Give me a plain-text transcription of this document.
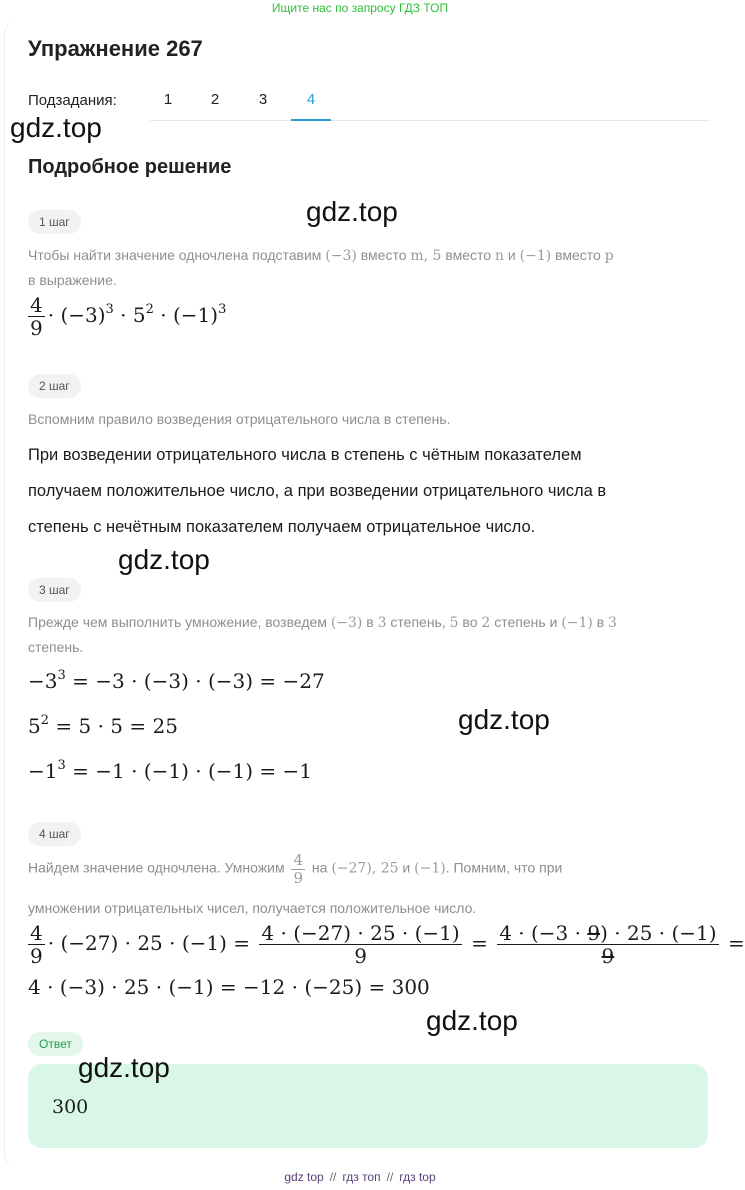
Ищите нас по запросу ГДЗ ТОП
Упражнение 267
Подзадания:	1	2	3	4
Подробное решение
1 шаг
Чтобы найти значение одночлена подставим (−3) вместо m, 5 вместо n и (−1) вместо p
в выражение.
$\frac{4}{9} \cdot (-3)^3 \cdot 5^2 \cdot (-1)^3$
2 шаг
Вспомним правило возведения отрицательного числа в степень.
При возведении отрицательного числа в степень с чётным показателем
получаем положительное число, а при возведении отрицательного числа в
степень с нечётным показателем получаем отрицательное число.
3 шаг
Прежде чем выполнить умножение, возведем (−3) в 3 степень, 5 во 2 степень и (−1) в 3
степень.
$-3^3 = -3 \cdot (-3) \cdot (-3) = -27$
$5^2 = 5 \cdot 5 = 25$
$-1^3 = -1 \cdot (-1) \cdot (-1) = -1$
4 шаг
Найдем значение одночлена. Умножим $\frac{4}{9}$ на (−27), 25 и (−1). Помним, что при
умножении отрицательных чисел, получается положительное число.
$\frac{4}{9} \cdot (-27) \cdot 25 \cdot (-1) = \frac{4 \cdot (-27) \cdot 25 \cdot (-1)}{9} = \frac{4 \cdot (-3 \cdot 9) \cdot 25 \cdot (-1)}{9}$ =
4 · (−3) · 25 · (−1) = −12 · (−25) = 300
Ответ
300
gdz.top
gdz.top
gdz.top
gdz.top
gdz.top
gdz.top
gdz top // гдз топ // гдз top
